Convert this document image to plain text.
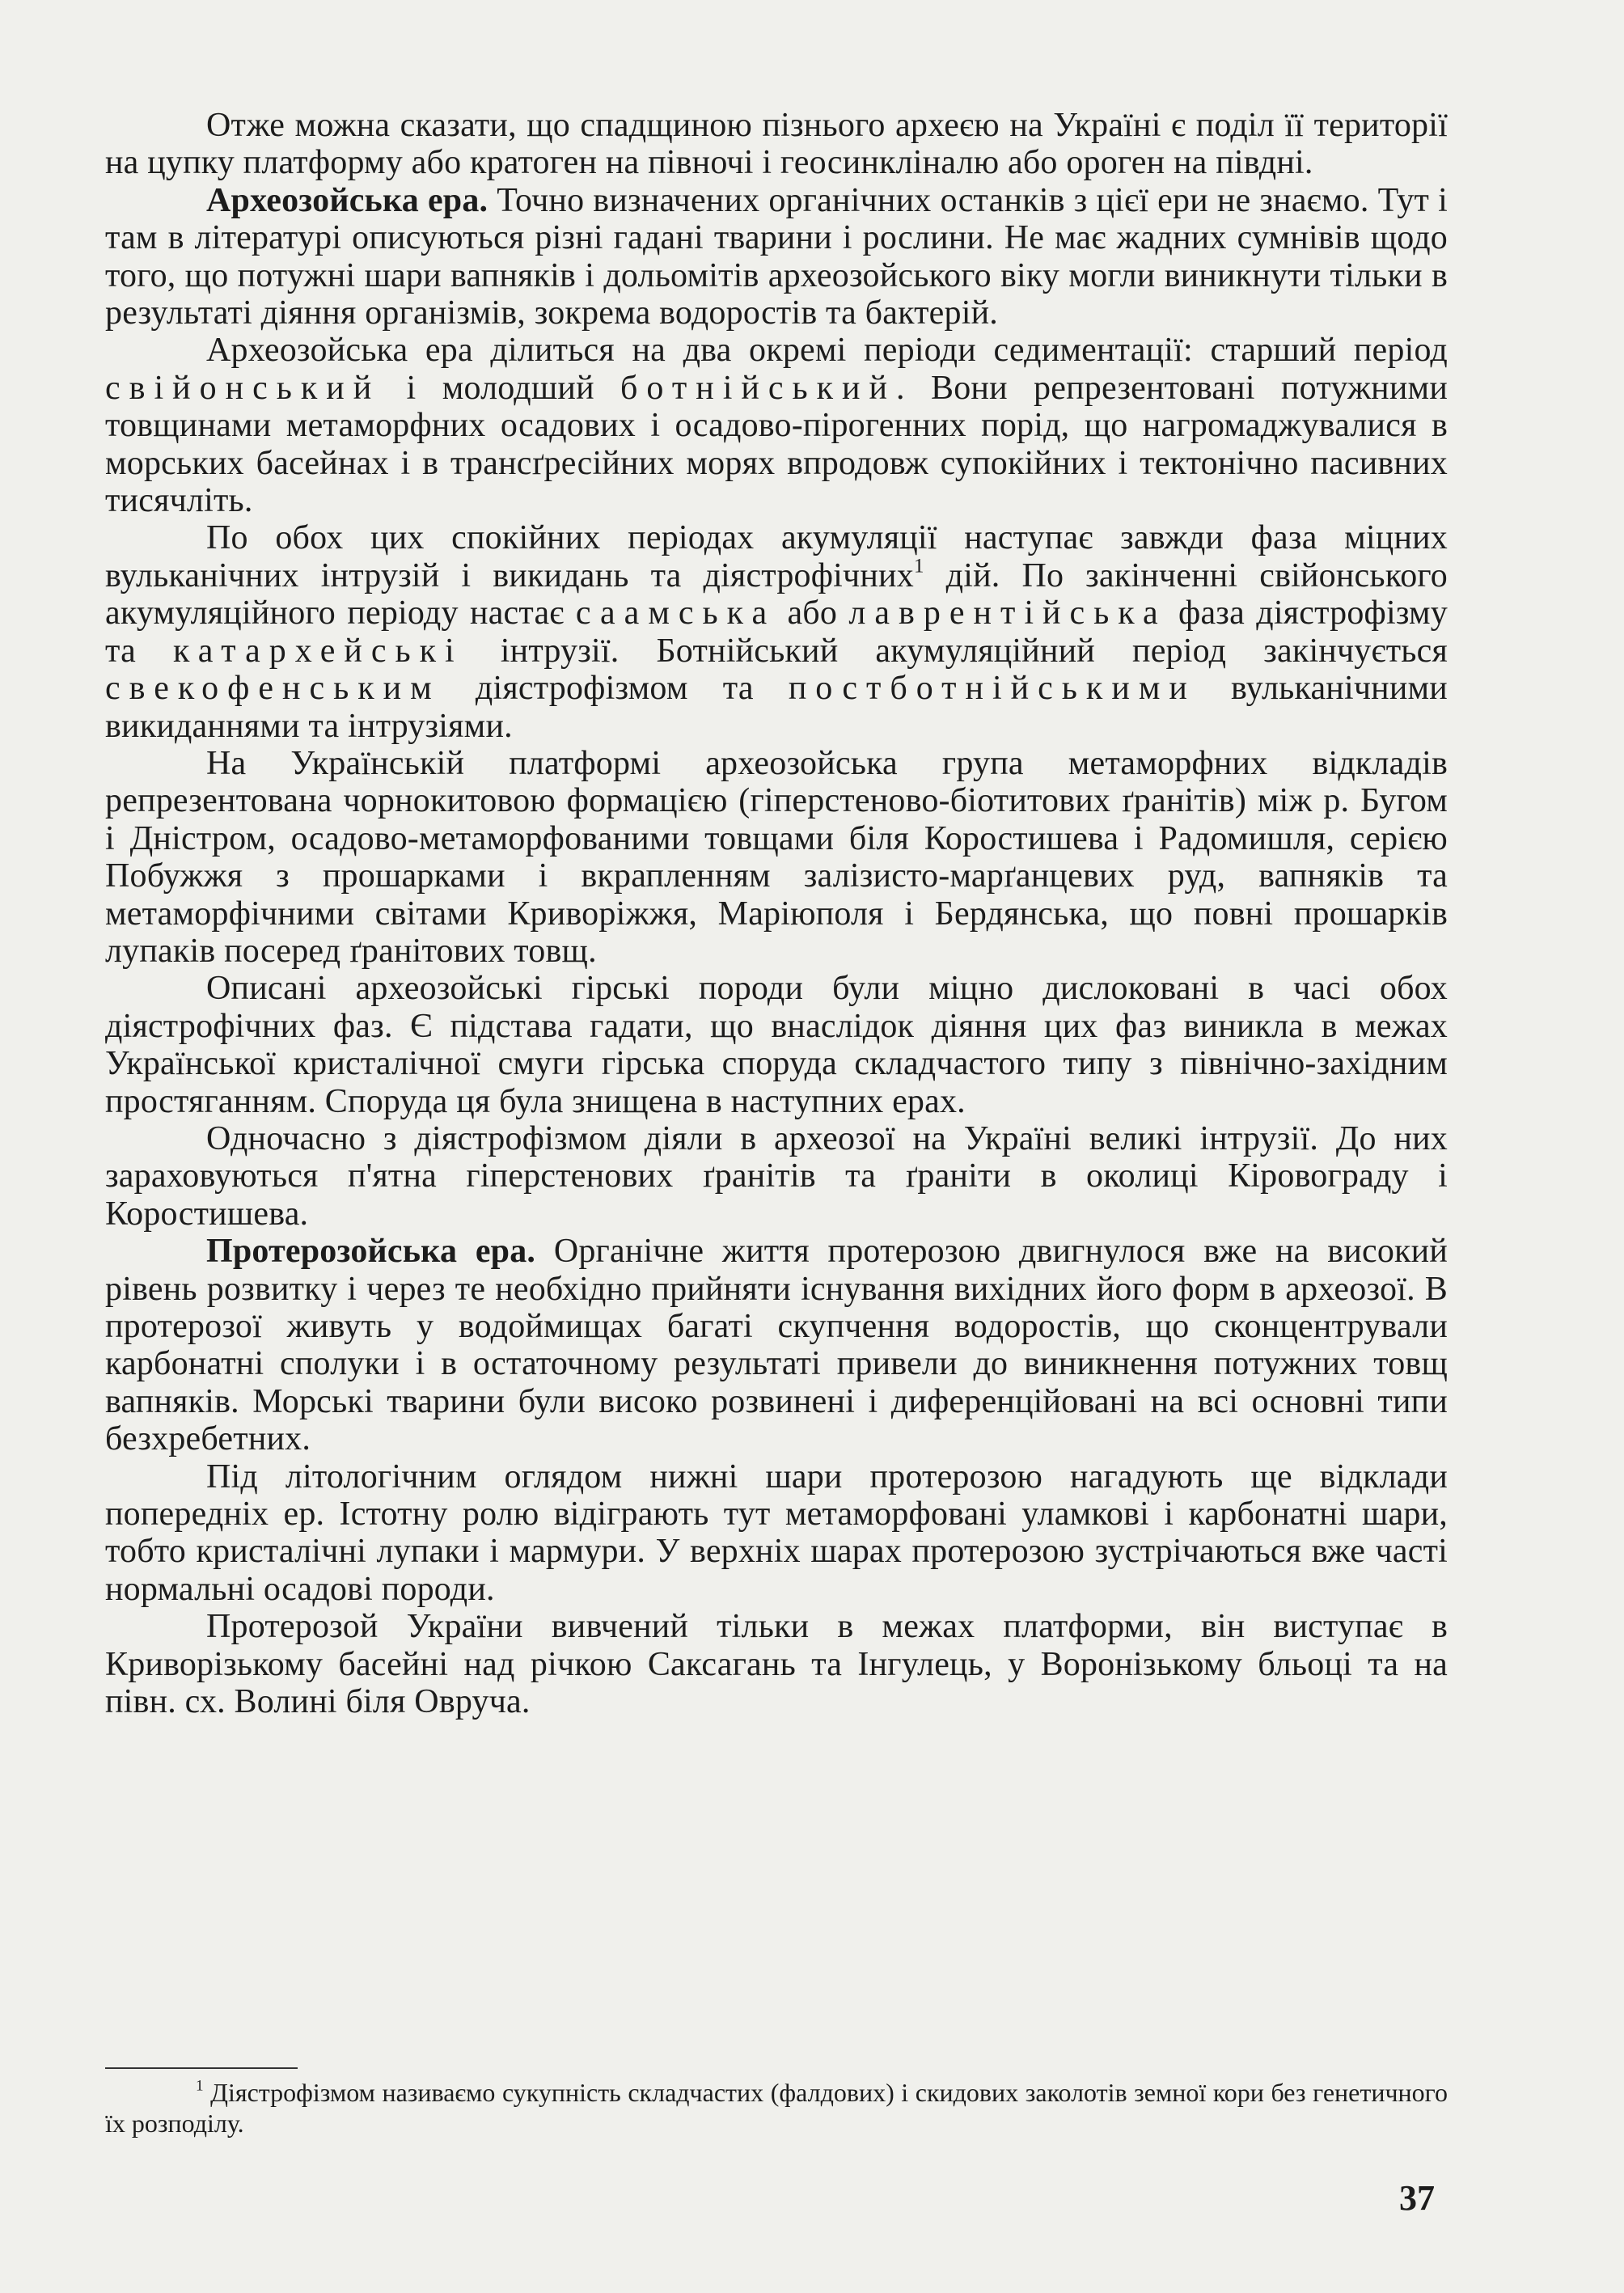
Отже можна сказати, що спадщиною пізнього археєю на Україні є поділ її території на цупку платформу або кратоген на півночі і геосинкліналю або ороген на півдні.

Археозойська ера. Точно визначених органічних останків з цієї ери не знаємо. Тут і там в літературі описуються різні гадані тварини і рослини. Не має жадних сумнівів щодо того, що потужні шари вапняків і дольомітів археозойського віку могли виникнути тільки в результаті діяння організмів, зокрема водоростів та бактерій.

Археозойська ера ділиться на два окремі періоди седиментації: старший період свійонський і молодший ботнійський. Вони репрезентовані потужними товщинами метаморфних осадових і осадово-пірогенних порід, що нагромаджувалися в морських басейнах і в трансґресійних морях впродовж супокійних і тектонічно пасивних тисячліть.

По обох цих спокійних періодах акумуляції наступає завжди фаза міцних вульканічних інтрузій і викидань та діястрофічних$^1$ дій. По закінченні свійонського акумуляційного періоду настає саамська або лаврентійська фаза діястрофізму та катархейські інтрузії. Ботнійський акумуляційний період закінчується свекофенським діястрофізмом та постботнійськими вульканічними викиданнями та інтрузіями.

На Українській платформі археозойська група метаморфних відкладів репрезентована чорнокитовою формацією (гіперстеново-біотитових ґранітів) між р. Бугом і Дністром, осадово-метаморфованими товщами біля Коростишева і Радомишля, серією Побужжя з прошарками і вкрапленням залізисто-марґанцевих руд, вапняків та метаморфічними світами Криворіжжя, Маріюполя і Бердянська, що повні прошарків лупаків посеред ґранітових товщ.

Описані археозойські гірські породи були міцно дислоковані в часі обох діястрофічних фаз. Є підстава гадати, що внаслідок діяння цих фаз виникла в межах Української кристалічної смуги гірська споруда складчастого типу з північно-західним простяганням. Споруда ця була знищена в наступних ерах.

Одночасно з діястрофізмом діяли в археозої на Україні великі інтрузії. До них зараховуються п'ятна гіперстенових ґранітів та ґраніти в околиці Кіровограду і Коростишева.

Протерозойська ера. Органічне життя протерозою двигнулося вже на високий рівень розвитку і через те необхідно прийняти існування вихідних його форм в археозої. В протерозої живуть у водоймищах багаті скупчення водоростів, що сконцентрували карбонатні сполуки і в остаточному результаті привели до виникнення потужних товщ вапняків. Морські тварини були високо розвинені і диференційовані на всі основні типи безхребетних.

Під літологічним оглядом нижні шари протерозою нагадують ще відклади попередніх ер. Істотну ролю відіграють тут метаморфовані уламкові і карбонатні шари, тобто кристалічні лупаки і мармури. У верхніх шарах протерозою зустрічаються вже часті нормальні осадові породи.

Протерозой України вивчений тільки в межах платформи, він виступає в Криворізькому басейні над річкою Саксагань та Інгулець, у Воронізькому бльоці та на півн. сх. Волині біля Овруча.

$^1$ Діястрофізмом називаємо сукупність складчастих (фалдових) і скидових заколотів земної кори без генетичного їх розподілу.

37
